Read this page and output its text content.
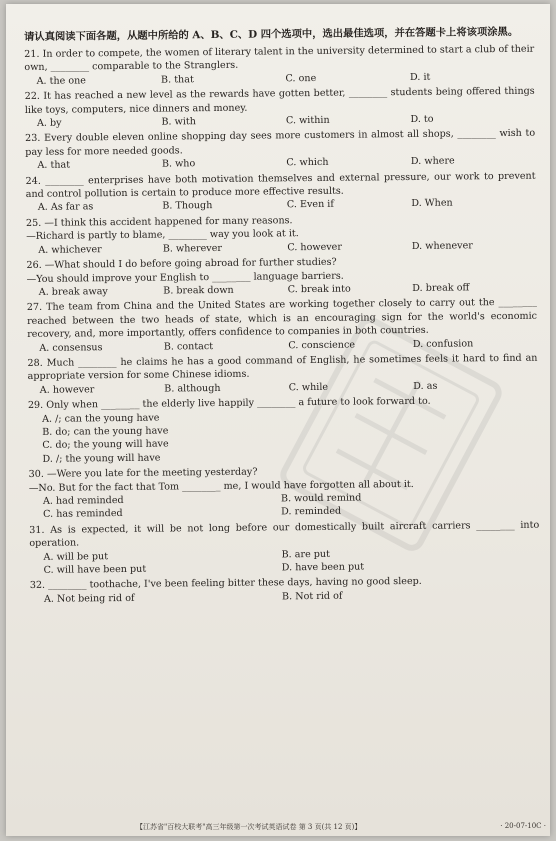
请认真阅读下面各题，从题中所给的 A、B、C、D 四个选项中，选出最佳选项，并在答题卡上将该项涂黑。
21. In order to compete, the women of literary talent in the university determined to start a club of their own, ________ comparable to the Stranglers.
A. the one	B. that	C. one	D. it
22. It has reached a new level as the rewards have gotten better, ________ students being offered things like toys, computers, nice dinners and money.
A. by	B. with	C. within	D. to
23. Every double eleven online shopping day sees more customers in almost all shops, ________ wish to pay less for more needed goods.
A. that	B. who	C. which	D. where
24. ________ enterprises have both motivation themselves and external pressure, our work to prevent and control pollution is certain to produce more effective results.
A. As far as	B. Though	C. Even if	D. When
25. —I think this accident happened for many reasons.
—Richard is partly to blame, ________ way you look at it.
A. whichever	B. wherever	C. however	D. whenever
26. —What should I do before going abroad for further studies?
—You should improve your English to ________ language barriers.
A. break away	B. break down	C. break into	D. break off
27. The team from China and the United States are working together closely to carry out the ________ reached between the two heads of state, which is an encouraging sign for the world's economic recovery, and, more importantly, offers confidence to companies in both countries.
A. consensus	B. contact	C. conscience	D. confusion
28. Much ________ he claims he has a good command of English, he sometimes feels it hard to find an appropriate version for some Chinese idioms.
A. however	B. although	C. while	D. as
29. Only when ________ the elderly live happily ________ a future to look forward to.
A. /; can the young have
B. do; can the young have
C. do; the young will have
D. /; the young will have
30. —Were you late for the meeting yesterday?
—No. But for the fact that Tom ________ me, I would have forgotten all about it.
A. had reminded	B. would remind
C. has reminded	D. reminded
31. As is expected, it will be not long before our domestically built aircraft carriers ________ into operation.
A. will be put	B. are put
C. will have been put	D. have been put
32. ________ toothache, I've been feeling bitter these days, having no good sleep.
A. Not being rid of	B. Not rid of
【江苏省"百校大联考"高三年级第一次考试英语试卷 第 3 页(共 12 页)】	· 20-07-10C ·
